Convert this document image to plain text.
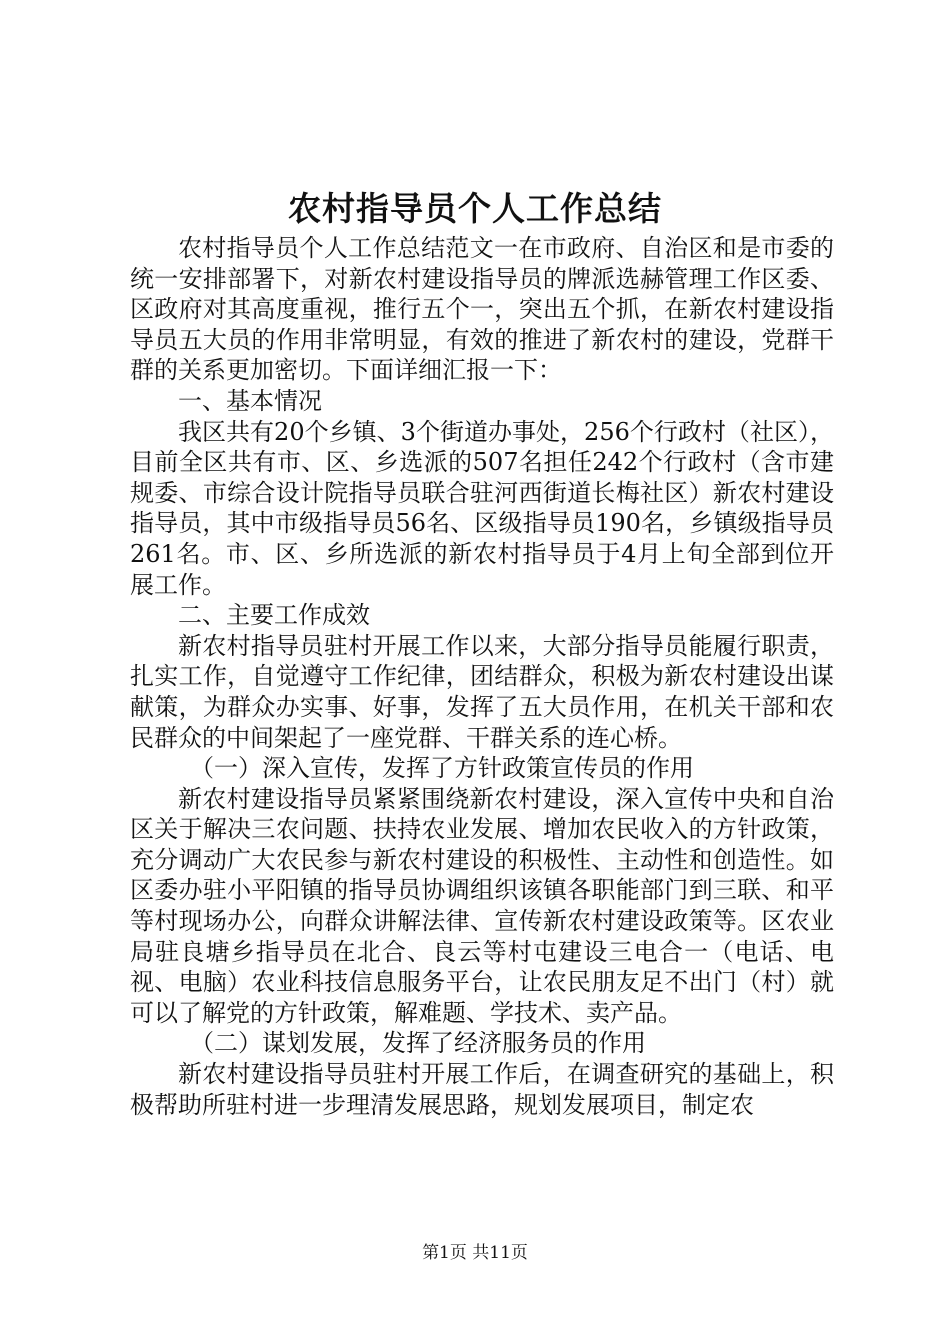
农村指导员个人工作总结

农村指导员个人工作总结范文一在市政府、自治区和是市委的统一安排部署下，对新农村建设指导员的牌派选赫管理工作区委、区政府对其高度重视，推行五个一，突出五个抓，在新农村建设指导员五大员的作用非常明显，有效的推进了新农村的建设，党群干群的关系更加密切。下面详细汇报一下：

一、基本情况

我区共有20个乡镇、3个街道办事处，256个行政村（社区），目前全区共有市、区、乡选派的507名担任242个行政村（含市建规委、市综合设计院指导员联合驻河西街道长梅社区）新农村建设指导员，其中市级指导员56名、区级指导员190名，乡镇级指导员261名。市、区、乡所选派的新农村指导员于4月上旬全部到位开展工作。

二、主要工作成效

新农村指导员驻村开展工作以来，大部分指导员能履行职责，扎实工作，自觉遵守工作纪律，团结群众，积极为新农村建设出谋献策，为群众办实事、好事，发挥了五大员作用，在机关干部和农民群众的中间架起了一座党群、干群关系的连心桥。

（一）深入宣传，发挥了方针政策宣传员的作用

新农村建设指导员紧紧围绕新农村建设，深入宣传中央和自治区关于解决三农问题、扶持农业发展、增加农民收入的方针政策，充分调动广大农民参与新农村建设的积极性、主动性和创造性。如区委办驻小平阳镇的指导员协调组织该镇各职能部门到三联、和平等村现场办公，向群众讲解法律、宣传新农村建设政策等。区农业局驻良塘乡指导员在北合、良云等村屯建设三电合一（电话、电视、电脑）农业科技信息服务平台，让农民朋友足不出门（村）就可以了解党的方针政策，解难题、学技术、卖产品。

（二）谋划发展，发挥了经济服务员的作用

新农村建设指导员驻村开展工作后，在调查研究的基础上，积极帮助所驻村进一步理清发展思路，规划发展项目，制定农

第1页 共11页
